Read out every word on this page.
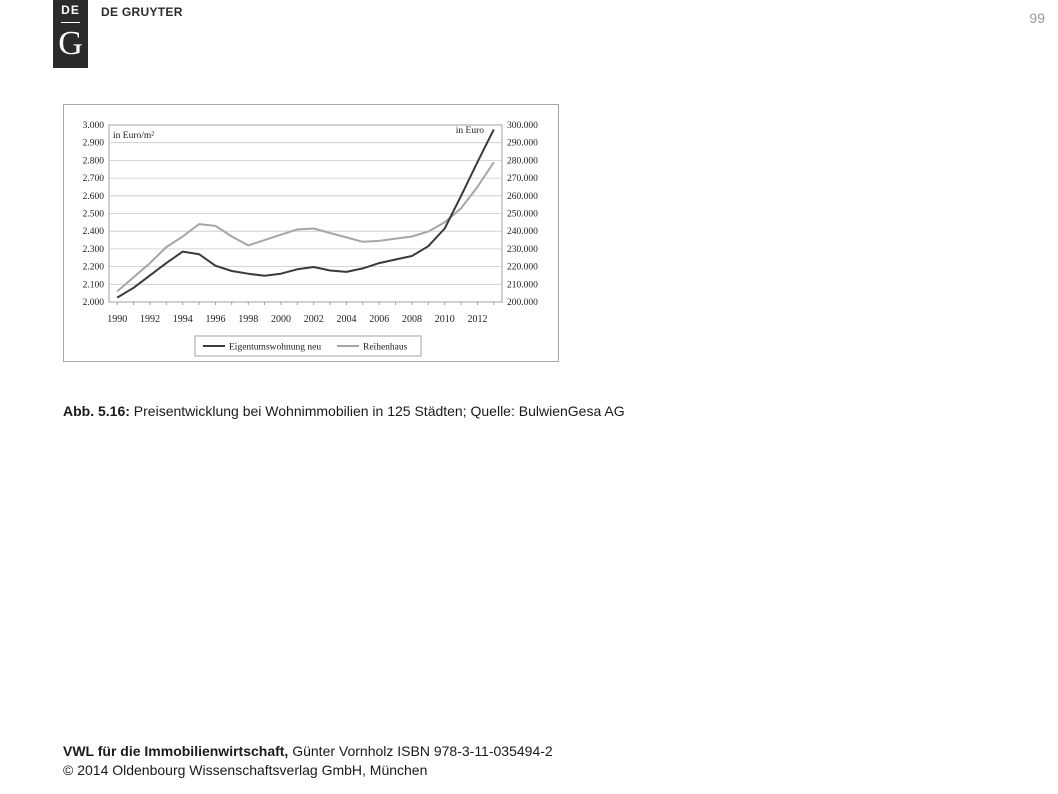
DE
G
DE GRUYTER	99
2.000	200.000
2.100	210.000
2.200	220.000
2.300	230.000
2.400	240.000
2.500	250.000
2.600	260.000
2.700	270.000
2.800	280.000
2.900	290.000
3.000	300.000
1990 1992 1994 1996 1998 2000 2002 2004 2006 2008 2010 2012
in Euro/m²	in Euro
Eigentumswohnung neu	Reihenhaus
Abb. 5.16: Preisentwicklung bei Wohnimmobilien in 125 Städten; Quelle: BulwienGesa AG
VWL für die Immobilienwirtschaft, Günter Vornholz ISBN 978-3-11-035494-2
© 2014 Oldenbourg Wissenschaftsverlag GmbH, München
